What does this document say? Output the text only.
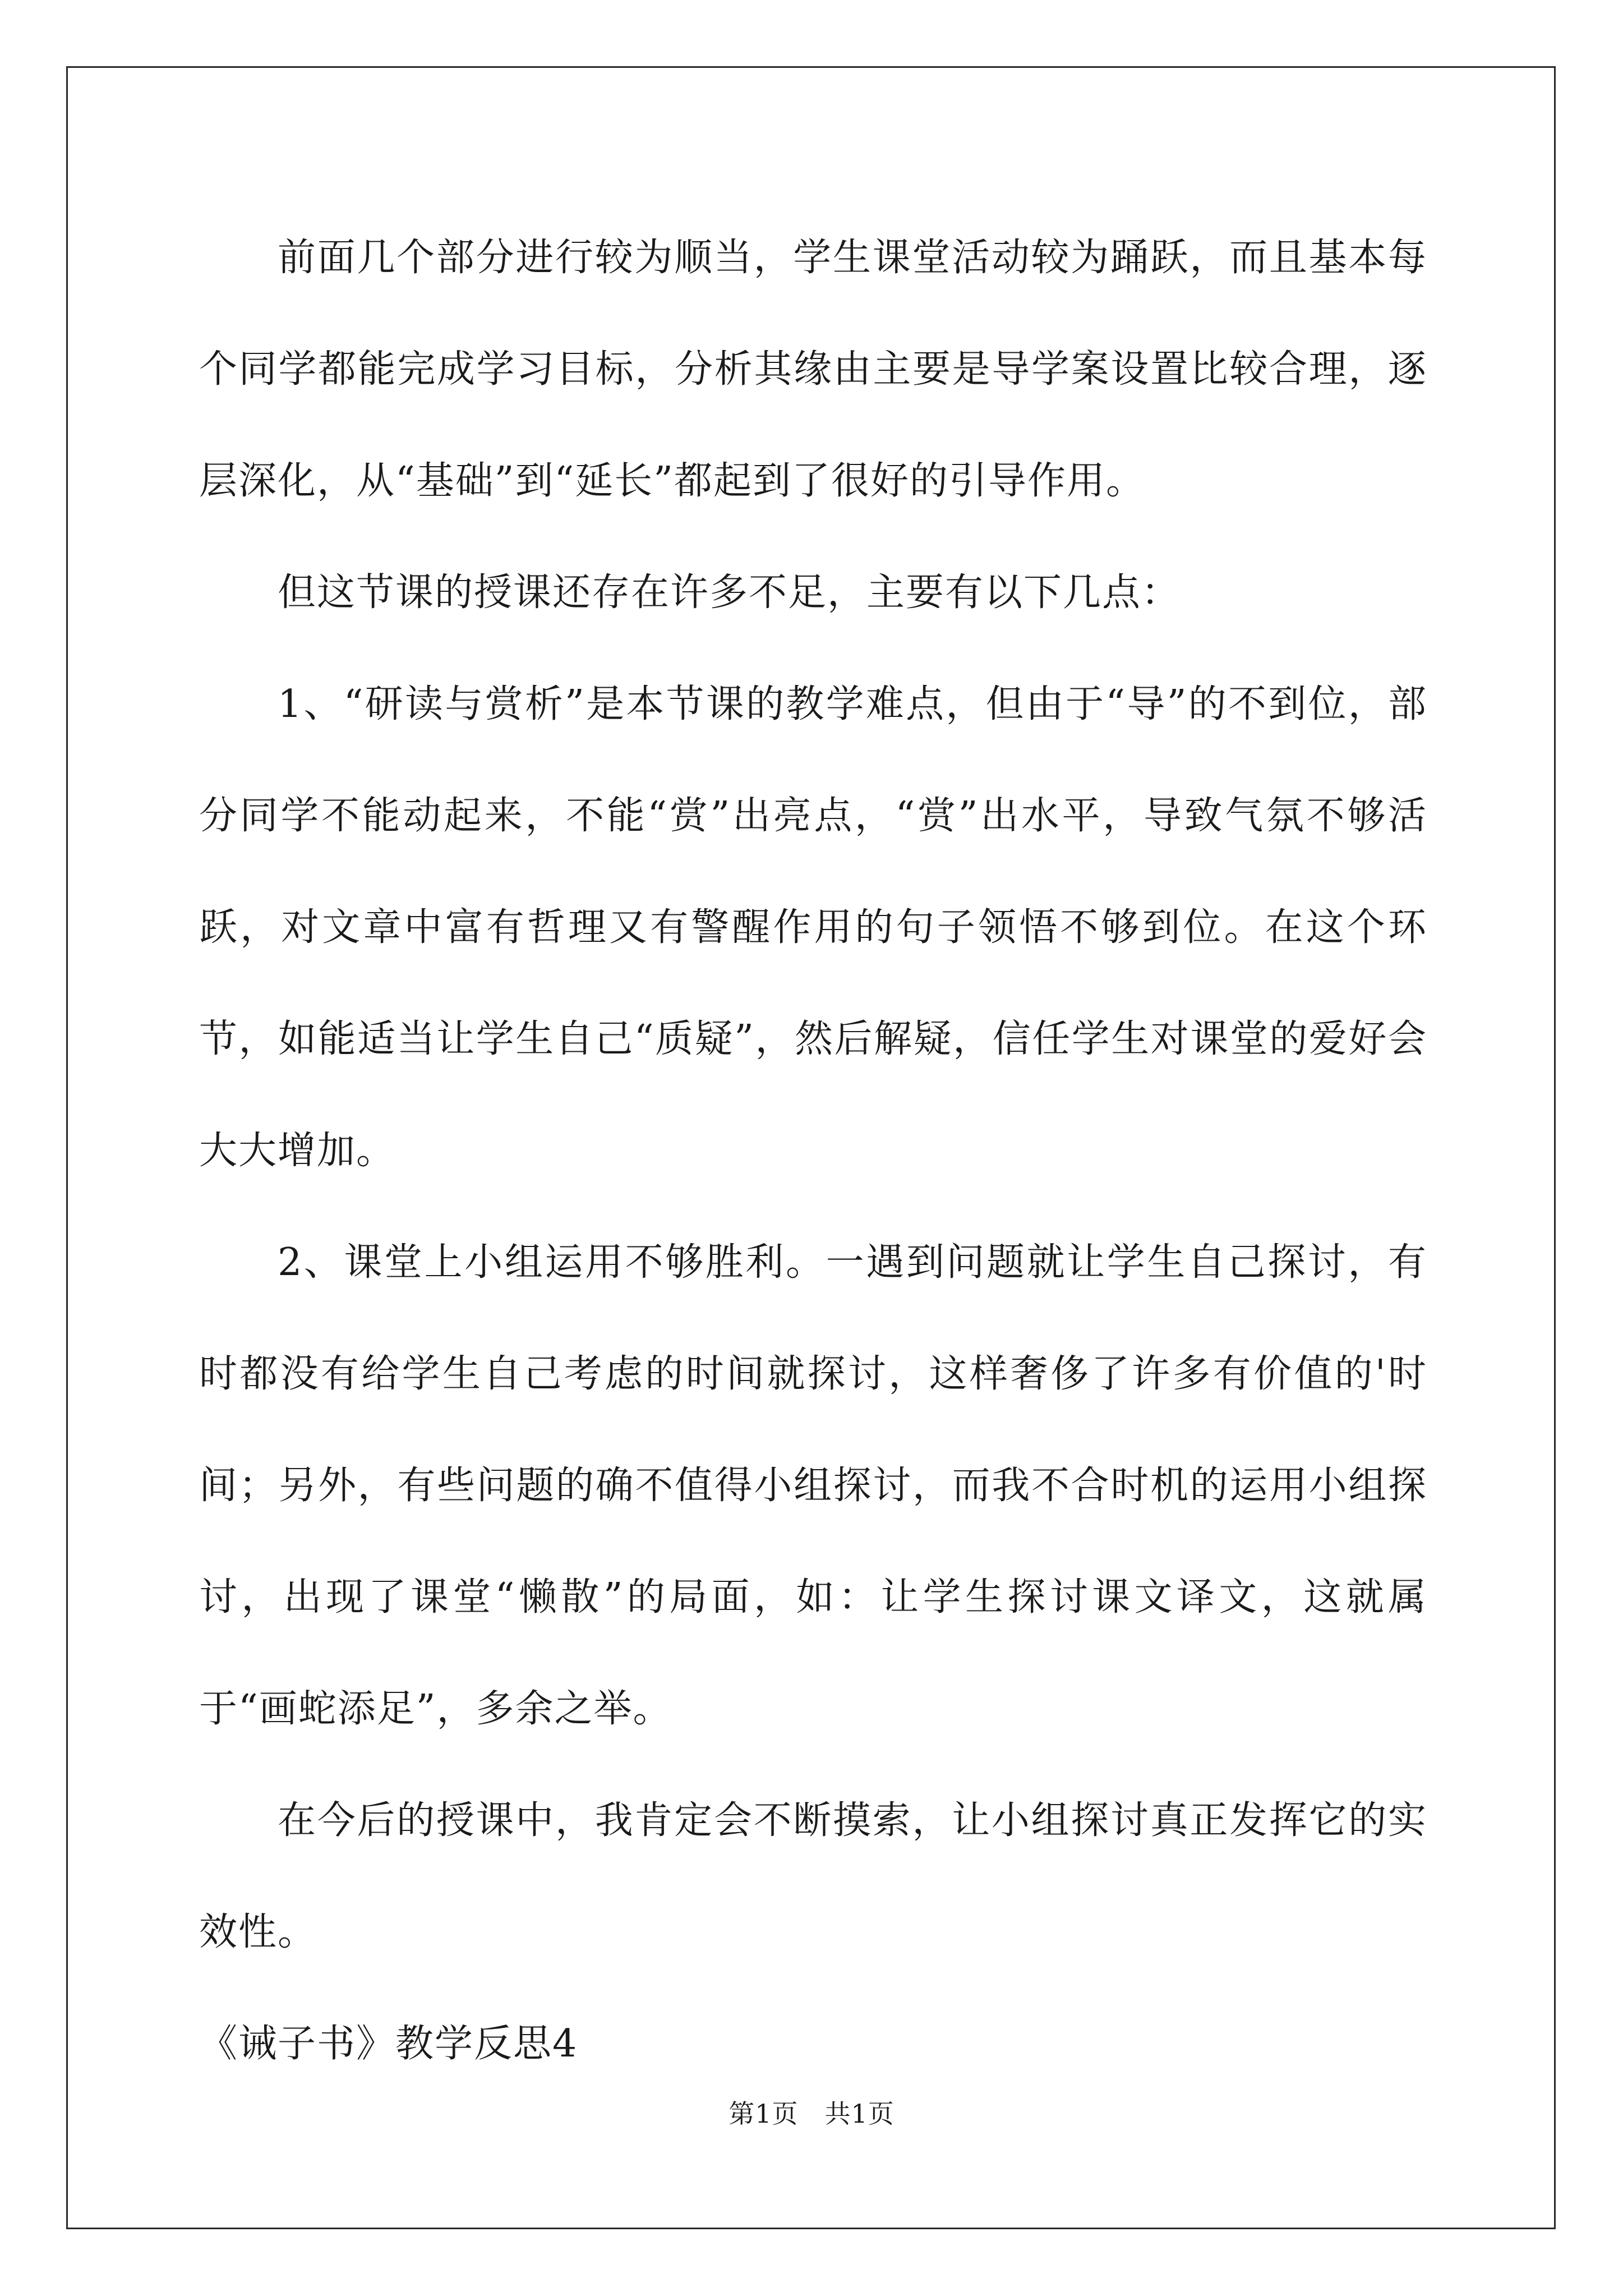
前面几个部分进行较为顺当，学生课堂活动较为踊跃，而且基本每个同学都能完成学习目标，分析其缘由主要是导学案设置比较合理，逐层深化，从“基础”到“延长”都起到了很好的引导作用。

但这节课的授课还存在许多不足，主要有以下几点：

1、“研读与赏析”是本节课的教学难点，但由于“导”的不到位，部分同学不能动起来，不能“赏”出亮点，“赏”出水平，导致气氛不够活跃，对文章中富有哲理又有警醒作用的句子领悟不够到位。在这个环节，如能适当让学生自己“质疑”，然后解疑，信任学生对课堂的爱好会大大增加。

2、课堂上小组运用不够胜利。一遇到问题就让学生自己探讨，有时都没有给学生自己考虑的时间就探讨，这样奢侈了许多有价值的'时间；另外，有些问题的确不值得小组探讨，而我不合时机的运用小组探讨，出现了课堂“懒散”的局面，如：让学生探讨课文译文，这就属于“画蛇添足”，多余之举。

在今后的授课中，我肯定会不断摸索，让小组探讨真正发挥它的实效性。

《诫子书》教学反思4

第1页　共1页
